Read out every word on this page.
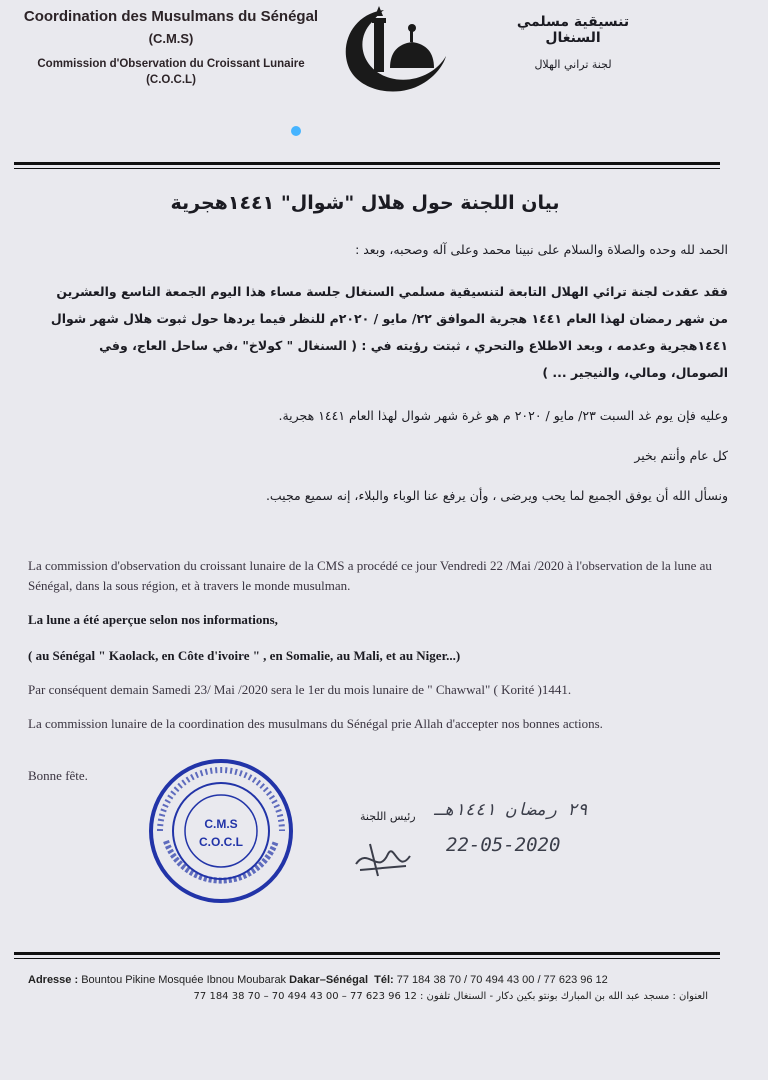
Coordination des Musulmans du Sénégal
(C.M.S)
Commission d'Observation du Croissant Lunaire
(C.O.C.L)
تنسيقية مسلمي السنغال
لجنة تراني الهلال
بيان اللجنة حول هلال "شوال" ١٤٤١هجرية
الحمد لله وحده والصلاة والسلام على نبينا محمد وعلى آله وصحبه، وبعد :
فقد عقدت لجنة ترائي الهلال التابعة لتنسيقية مسلمي السنغال جلسة مساء هذا اليوم الجمعة التاسع والعشرين من شهر رمضان لهذا العام ١٤٤١ هجرية الموافق ٢٢/ مايو / ٢٠٢٠م للنظر فيما يردها حول ثبوت هلال شهر شوال ١٤٤١هجرية وعدمه ، وبعد الاطلاع والتحري ، ثبتت رؤيته في : ( السنغال " كولاخ" ،في ساحل العاج، وفي الصومال، ومالي، والنيجير ... )
وعليه فإن يوم غد السبت ٢٣/ مايو / ٢٠٢٠ م هو غرة شهر شوال لهذا العام ١٤٤١ هجرية.
كل عام وأنتم بخير
ونسأل الله أن يوفق الجميع لما يحب ويرضى ، وأن يرفع عنا الوباء والبلاء، إنه سميع مجيب.
La commission d'observation du croissant lunaire de la CMS a procédé ce jour Vendredi 22 /Mai /2020 à l'observation de la lune au Sénégal, dans la sous région, et à travers le monde musulman.
La lune a été aperçue selon nos informations,
( au Sénégal " Kaolack, en Côte d'ivoire " , en Somalie, au Mali, et au Niger...)
Par conséquent demain Samedi 23/ Mai /2020 sera le 1er du mois lunaire de " Chawwal" ( Korité )1441.
La commission lunaire de la coordination des musulmans du Sénégal prie Allah d'accepter nos bonnes actions.
Bonne fête.
C.M.S
C.O.C.L
رئيس اللجنة ٢٩ رمضان ١٤٤١هـ
22-05-2020
Adresse : Bountou Pikine Mosquée Ibnou Moubarak Dakar–Sénégal Tél: 77 184 38 70 / 70 494 43 00 / 77 623 96 12
العنوان : مسجد عبد الله بن المبارك بونتو بكين دكار - السنغال تلفون : 12 96 623 77 – 00 43 494 70 – 70 38 184 77
